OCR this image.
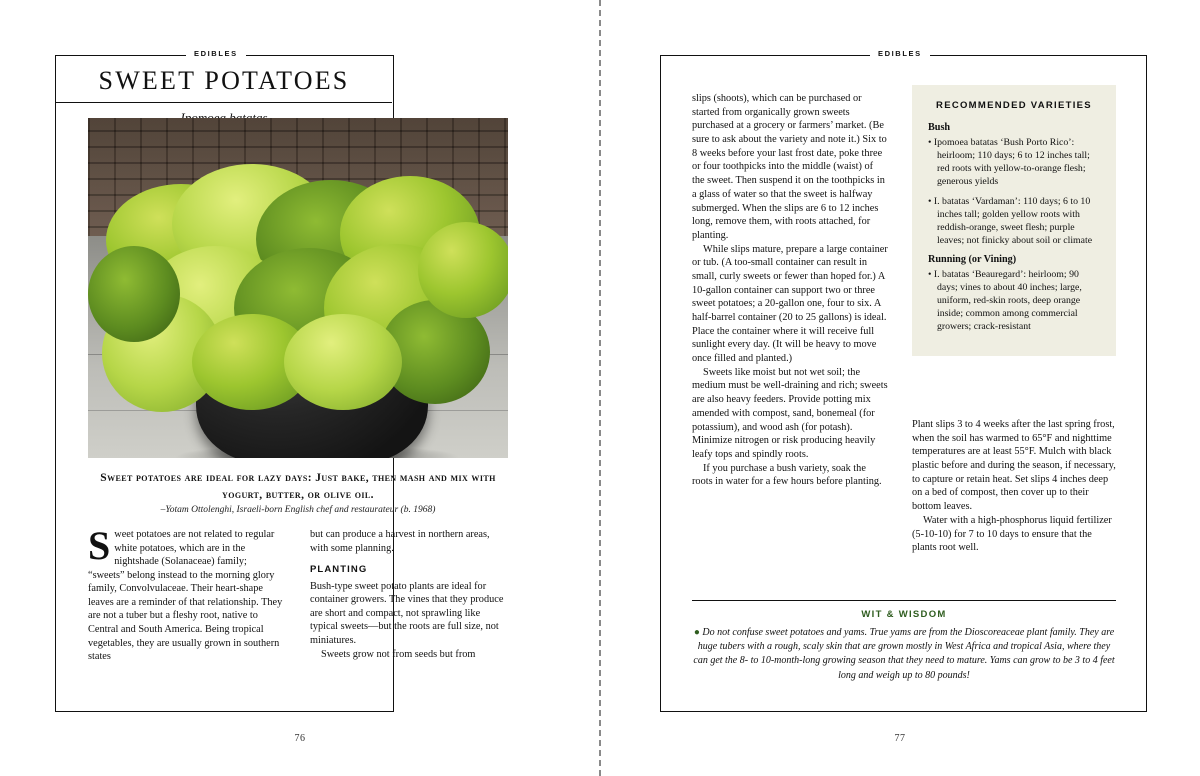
EDIBLES
SWEET POTATOES
Sweet potatoes are ideal for lazy days: Just bake, then mash and mix with yogurt, butter, or olive oil.
–Yotam Ottolenghi, Israeli-born English chef and restaurateur (b. 1968)

Sweet potatoes are not related to regular white potatoes, which are in the nightshade (Solanaceae) family; “sweets” belong instead to the morning glory family, Convolvulaceae. Their heart-shape leaves are a reminder of that relationship. They are not a tuber but a fleshy root, native to Central and South America. Being tropical vegetables, they are usually grown in southern states

but can produce a harvest in northern areas, with some planning.

PLANTING

Bush-type sweet potato plants are ideal for container growers. The vines that they produce are short and compact, not sprawling like typical sweets—but the roots are full size, not miniatures.

Sweets grow not from seeds but from

76
EDIBLES

slips (shoots), which can be purchased or started from organically grown sweets purchased at a grocery or farmers’ market. (Be sure to ask about the variety and note it.) Six to 8 weeks before your last frost date, poke three or four toothpicks into the middle (waist) of the sweet. Then suspend it on the toothpicks in a glass of water so that the sweet is halfway submerged. When the slips are 6 to 12 inches long, remove them, with roots attached, for planting.

While slips mature, prepare a large container or tub. (A too-small container can result in small, curly sweets or fewer than hoped for.) A 10-gallon container can support two or three sweet potatoes; a 20-gallon one, four to six. A half-barrel container (20 to 25 gallons) is ideal. Place the container where it will receive full sunlight every day. (It will be heavy to move once filled and planted.)

Sweets like moist but not wet soil; the medium must be well-draining and rich; sweets are also heavy feeders. Provide potting mix amended with compost, sand, bonemeal (for potassium), and wood ash (for potash). Minimize nitrogen or risk producing heavily leafy tops and spindly roots.

If you purchase a bush variety, soak the roots in water for a few hours before planting.

RECOMMENDED VARIETIES
Bush
• Ipomoea batatas ‘Bush Porto Rico’: heirloom; 110 days; 6 to 12 inches tall; red roots with yellow-to-orange flesh; generous yields
• I. batatas ‘Vardaman’: 110 days; 6 to 10 inches tall; golden yellow roots with reddish-orange, sweet flesh; purple leaves; not finicky about soil or climate
Running (or Vining)
• I. batatas ‘Beauregard’: heirloom; 90 days; vines to about 40 inches; large, uniform, red-skin roots, deep orange inside; common among commercial growers; crack-resistant

Plant slips 3 to 4 weeks after the last spring frost, when the soil has warmed to 65°F and nighttime temperatures are at least 55°F. Mulch with black plastic before and during the season, if necessary, to capture or retain heat. Set slips 4 inches deep on a bed of compost, then cover up to their bottom leaves.

Water with a high-phosphorus liquid fertilizer (5-10-10) for 7 to 10 days to ensure that the plants root well.

WIT & WISDOM
● Do not confuse sweet potatoes and yams. True yams are from the Dioscoreaceae plant family. They are huge tubers with a rough, scaly skin that are grown mostly in West Africa and tropical Asia, where they can get the 8- to 10-month-long growing season that they need to mature. Yams can grow to be 3 to 4 feet long and weigh up to 80 pounds!
77
